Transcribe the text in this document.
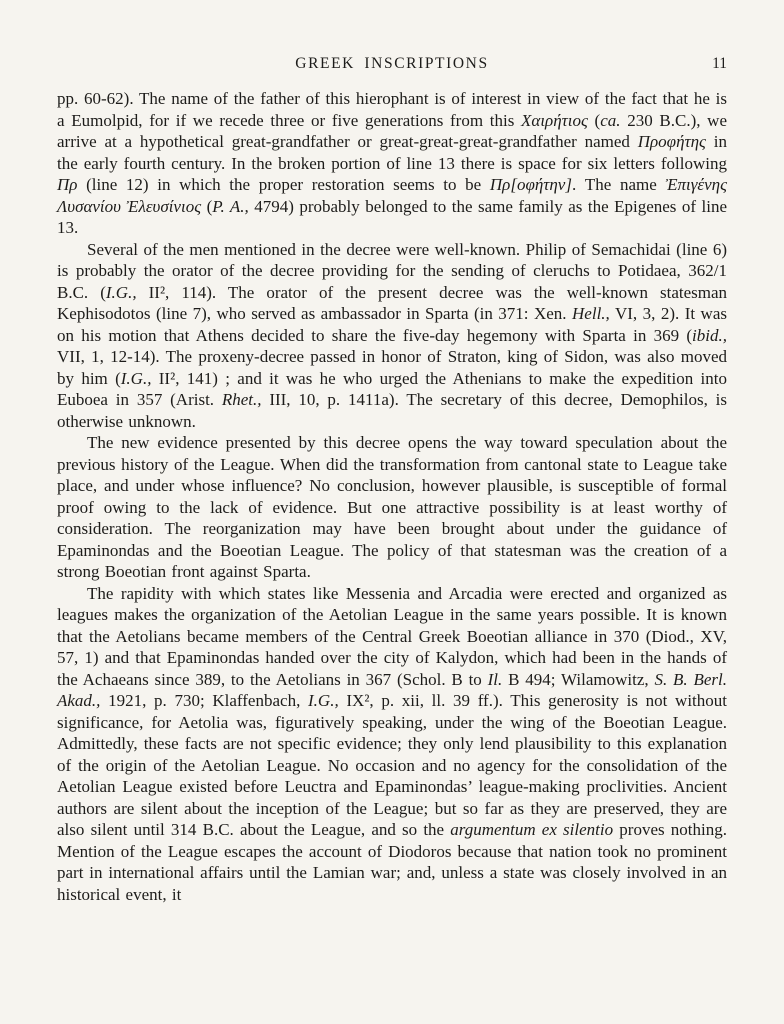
GREEK INSCRIPTIONS	11

pp. 60-62). The name of the father of this hierophant is of interest in view of the fact that he is a Eumolpid, for if we recede three or five generations from this Χαιρήτιος (ca. 230 B.C.), we arrive at a hypothetical great-grandfather or great-great-great-grandfather named Προφήτης in the early fourth century. In the broken portion of line 13 there is space for six letters following Πρ (line 12) in which the proper restoration seems to be Πρ[οφήτην]. The name Ἐπιγένης Λυσανίου Ἐλευσίνιος (P. A., 4794) probably belonged to the same family as the Epigenes of line 13.

Several of the men mentioned in the decree were well-known. Philip of Semachidai (line 6) is probably the orator of the decree providing for the sending of cleruchs to Potidaea, 362/1 B.C. (I.G., II², 114). The orator of the present decree was the well-known statesman Kephisodotos (line 7), who served as ambassador in Sparta (in 371: Xen. Hell., VI, 3, 2). It was on his motion that Athens decided to share the five-day hegemony with Sparta in 369 (ibid., VII, 1, 12-14). The proxeny-decree passed in honor of Straton, king of Sidon, was also moved by him (I.G., II², 141) ; and it was he who urged the Athenians to make the expedition into Euboea in 357 (Arist. Rhet., III, 10, p. 1411a). The secretary of this decree, Demophilos, is otherwise unknown.

The new evidence presented by this decree opens the way toward speculation about the previous history of the League. When did the transformation from cantonal state to League take place, and under whose influence? No conclusion, however plausible, is susceptible of formal proof owing to the lack of evidence. But one attractive possibility is at least worthy of consideration. The reorganization may have been brought about under the guidance of Epaminondas and the Boeotian League. The policy of that statesman was the creation of a strong Boeotian front against Sparta.

The rapidity with which states like Messenia and Arcadia were erected and organized as leagues makes the organization of the Aetolian League in the same years possible. It is known that the Aetolians became members of the Central Greek Boeotian alliance in 370 (Diod., XV, 57, 1) and that Epaminondas handed over the city of Kalydon, which had been in the hands of the Achaeans since 389, to the Aetolians in 367 (Schol. B to Il. B 494; Wilamowitz, S. B. Berl. Akad., 1921, p. 730; Klaffenbach, I.G., IX², p. xii, ll. 39 ff.). This generosity is not without significance, for Aetolia was, figuratively speaking, under the wing of the Boeotian League. Admittedly, these facts are not specific evidence; they only lend plausibility to this explanation of the origin of the Aetolian League. No occasion and no agency for the consolidation of the Aetolian League existed before Leuctra and Epaminondas’ league-making proclivities. Ancient authors are silent about the inception of the League; but so far as they are preserved, they are also silent until 314 B.C. about the League, and so the argumentum ex silentio proves nothing. Mention of the League escapes the account of Diodoros because that nation took no prominent part in international affairs until the Lamian war; and, unless a state was closely involved in an historical event, it
